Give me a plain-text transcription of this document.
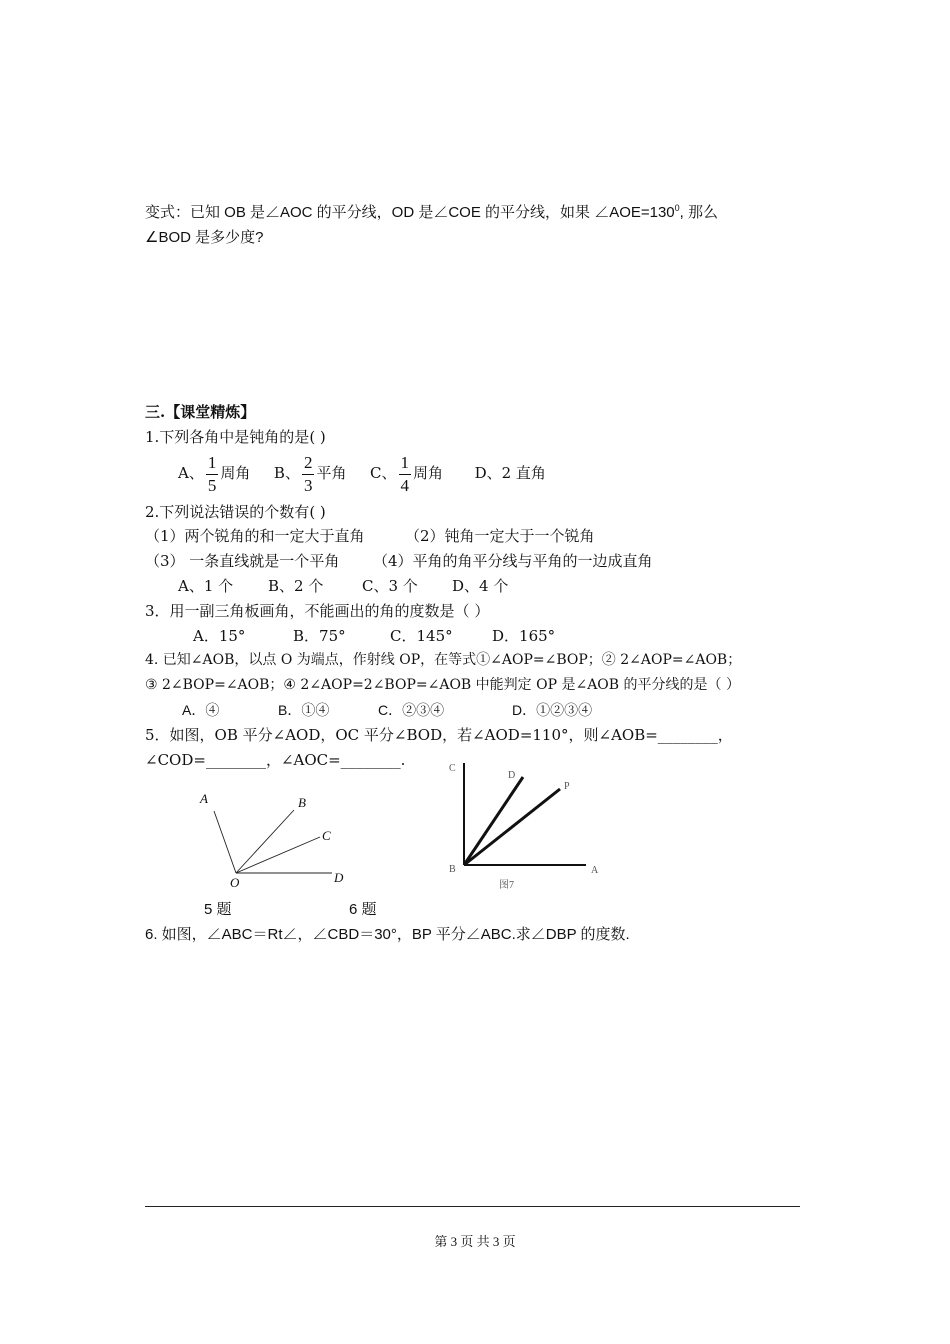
变式：已知 OB 是∠AOC 的平分线，OD 是∠COE 的平分线，如果 $\angle AOE=130^0$, 那么
∠BOD 是多少度?
三.【课堂精炼】
1.下列各角中是钝角的是( )
A、 $\frac{1}{5}$ 周角 B、 $\frac{2}{3}$ 平角 C、 $\frac{1}{4}$ 周角 D、2 直角
2.下列说法错误的个数有( )
（1）两个锐角的和一定大于直角	（2）钝角一定大于一个锐角
（3） 一条直线就是一个平角 （4）平角的角平分线与平角的一边成直角
A、1 个 B、2 个	C、3 个 D、4 个
3．用一副三角板画角，不能画出的角的度数是（ ）
A．15°	B．75°	C．145°	D．165°
4. 已知∠AOB，以点 O 为端点，作射线 OP，在等式①∠AOP=∠BOP；② 2∠AOP=∠AOB；
③ 2∠BOP=∠AOB；④ 2∠AOP=2∠BOP=∠AOB 中能判定 OP 是∠AOB 的平分线的是（ ）
A．④	B．①④	C．②③④	D．①②③④
5．如图，OB 平分∠AOD，OC 平分∠BOD，若∠AOD=110°，则∠AOB=________，
∠COD=________，∠AOC=________.
A	B
C
O	D
C
D
P
B	A
图7
5 题	6 题
6. 如图，∠ABC＝Rt∠，∠CBD＝30°，BP 平分∠ABC.求∠DBP 的度数.
第 3 页 共 3 页
